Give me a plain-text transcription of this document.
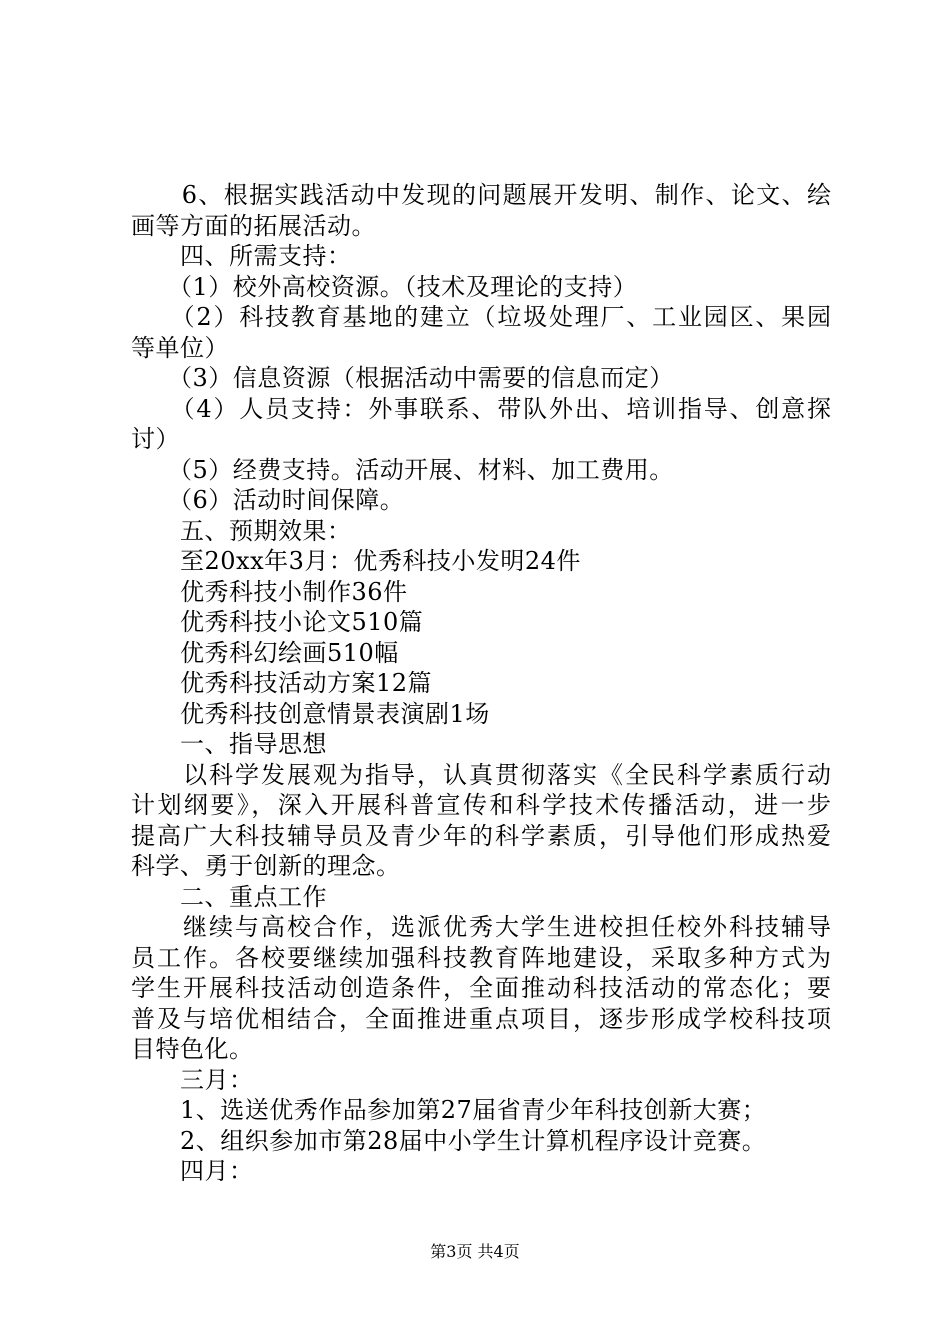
　　6、根据实践活动中发现的问题展开发明、制作、论文、绘
画等方面的拓展活动。
　　四、所需支持：
　　（1）校外高校资源。（技术及理论的支持）
　　（2）科技教育基地的建立（垃圾处理厂、工业园区、果园
等单位）
　　（3）信息资源（根据活动中需要的信息而定）
　　（4）人员支持：外事联系、带队外出、培训指导、创意探
讨）
　　（5）经费支持。活动开展、材料、加工费用。
　　（6）活动时间保障。
　　五、预期效果：
　　至20xx年3月：优秀科技小发明24件
　　优秀科技小制作36件
　　优秀科技小论文510篇
　　优秀科幻绘画510幅
　　优秀科技活动方案12篇
　　优秀科技创意情景表演剧1场
　　一、指导思想
　　以科学发展观为指导，认真贯彻落实《全民科学素质行动
计划纲要》，深入开展科普宣传和科学技术传播活动，进一步
提高广大科技辅导员及青少年的科学素质，引导他们形成热爱
科学、勇于创新的理念。
　　二、重点工作
　　继续与高校合作，选派优秀大学生进校担任校外科技辅导
员工作。各校要继续加强科技教育阵地建设，采取多种方式为
学生开展科技活动创造条件，全面推动科技活动的常态化；要
普及与培优相结合，全面推进重点项目，逐步形成学校科技项
目特色化。
　　三月：
　　1、选送优秀作品参加第27届省青少年科技创新大赛；
　　2、组织参加市第28届中小学生计算机程序设计竞赛。
　　四月：
第3页 共4页
